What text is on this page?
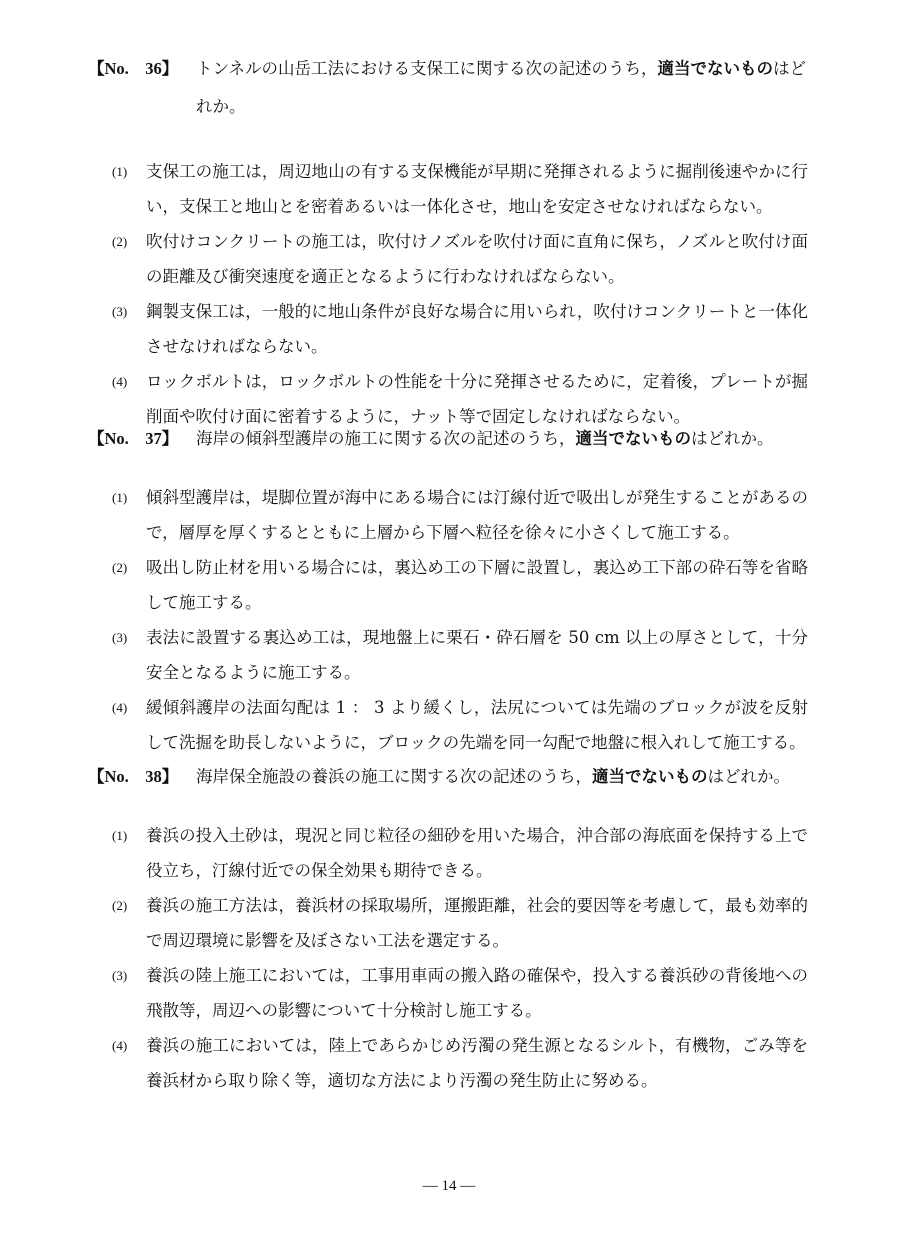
【No.　36】	トンネルの山岳工法における支保工に関する次の記述のうち，適当でないものはどれか。
(1)	支保工の施工は，周辺地山の有する支保機能が早期に発揮されるように掘削後速やかに行い，支保工と地山とを密着あるいは一体化させ，地山を安定させなければならない。
(2)	吹付けコンクリートの施工は，吹付けノズルを吹付け面に直角に保ち，ノズルと吹付け面の距離及び衝突速度を適正となるように行わなければならない。
(3)	鋼製支保工は，一般的に地山条件が良好な場合に用いられ，吹付けコンクリートと一体化させなければならない。
(4)	ロックボルトは，ロックボルトの性能を十分に発揮させるために，定着後，プレートが掘削面や吹付け面に密着するように，ナット等で固定しなければならない。
【No.　37】	海岸の傾斜型護岸の施工に関する次の記述のうち，適当でないものはどれか。
(1)	傾斜型護岸は，堤脚位置が海中にある場合には汀線付近で吸出しが発生することがあるので，層厚を厚くするとともに上層から下層へ粒径を徐々に小さくして施工する。
(2)	吸出し防止材を用いる場合には，裏込め工の下層に設置し，裏込め工下部の砕石等を省略して施工する。
(3)	表法に設置する裏込め工は，現地盤上に栗石・砕石層を 50 cm 以上の厚さとして，十分安全となるように施工する。
(4)	緩傾斜護岸の法面勾配は 1 ： 3 より緩くし，法尻については先端のブロックが波を反射して洗掘を助長しないように，ブロックの先端を同一勾配で地盤に根入れして施工する。
【No.　38】	海岸保全施設の養浜の施工に関する次の記述のうち，適当でないものはどれか。
(1)	養浜の投入土砂は，現況と同じ粒径の細砂を用いた場合，沖合部の海底面を保持する上で役立ち，汀線付近での保全効果も期待できる。
(2)	養浜の施工方法は，養浜材の採取場所，運搬距離，社会的要因等を考慮して，最も効率的で周辺環境に影響を及ぼさない工法を選定する。
(3)	養浜の陸上施工においては，工事用車両の搬入路の確保や，投入する養浜砂の背後地への飛散等，周辺への影響について十分検討し施工する。
(4)	養浜の施工においては，陸上であらかじめ汚濁の発生源となるシルト，有機物，ごみ等を養浜材から取り除く等，適切な方法により汚濁の発生防止に努める。
― 14 ―
